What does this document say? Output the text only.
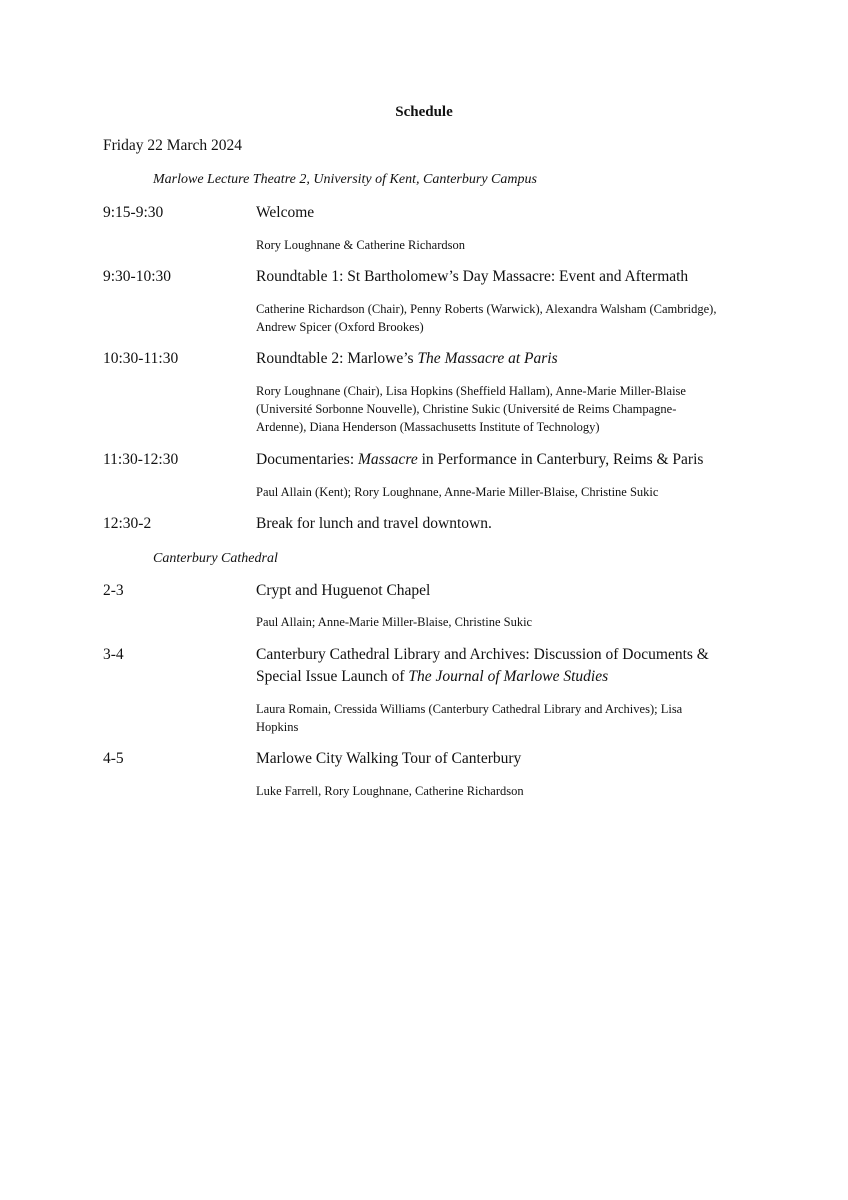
Schedule
Friday 22 March 2024
Marlowe Lecture Theatre 2, University of Kent, Canterbury Campus
9:15-9:30	Welcome
Rory Loughnane & Catherine Richardson
9:30-10:30	Roundtable 1: St Bartholomew’s Day Massacre: Event and Aftermath
Catherine Richardson (Chair), Penny Roberts (Warwick), Alexandra Walsham (Cambridge), Andrew Spicer (Oxford Brookes)
10:30-11:30	Roundtable 2: Marlowe’s The Massacre at Paris
Rory Loughnane (Chair), Lisa Hopkins (Sheffield Hallam), Anne-Marie Miller-Blaise (Université Sorbonne Nouvelle), Christine Sukic (Université de Reims Champagne-Ardenne), Diana Henderson (Massachusetts Institute of Technology)
11:30-12:30	Documentaries: Massacre in Performance in Canterbury, Reims & Paris
Paul Allain (Kent); Rory Loughnane, Anne-Marie Miller-Blaise, Christine Sukic
12:30-2	Break for lunch and travel downtown.
Canterbury Cathedral
2-3	Crypt and Huguenot Chapel
Paul Allain; Anne-Marie Miller-Blaise, Christine Sukic
3-4	Canterbury Cathedral Library and Archives: Discussion of Documents & Special Issue Launch of The Journal of Marlowe Studies
Laura Romain, Cressida Williams (Canterbury Cathedral Library and Archives); Lisa Hopkins
4-5	Marlowe City Walking Tour of Canterbury
Luke Farrell, Rory Loughnane, Catherine Richardson
